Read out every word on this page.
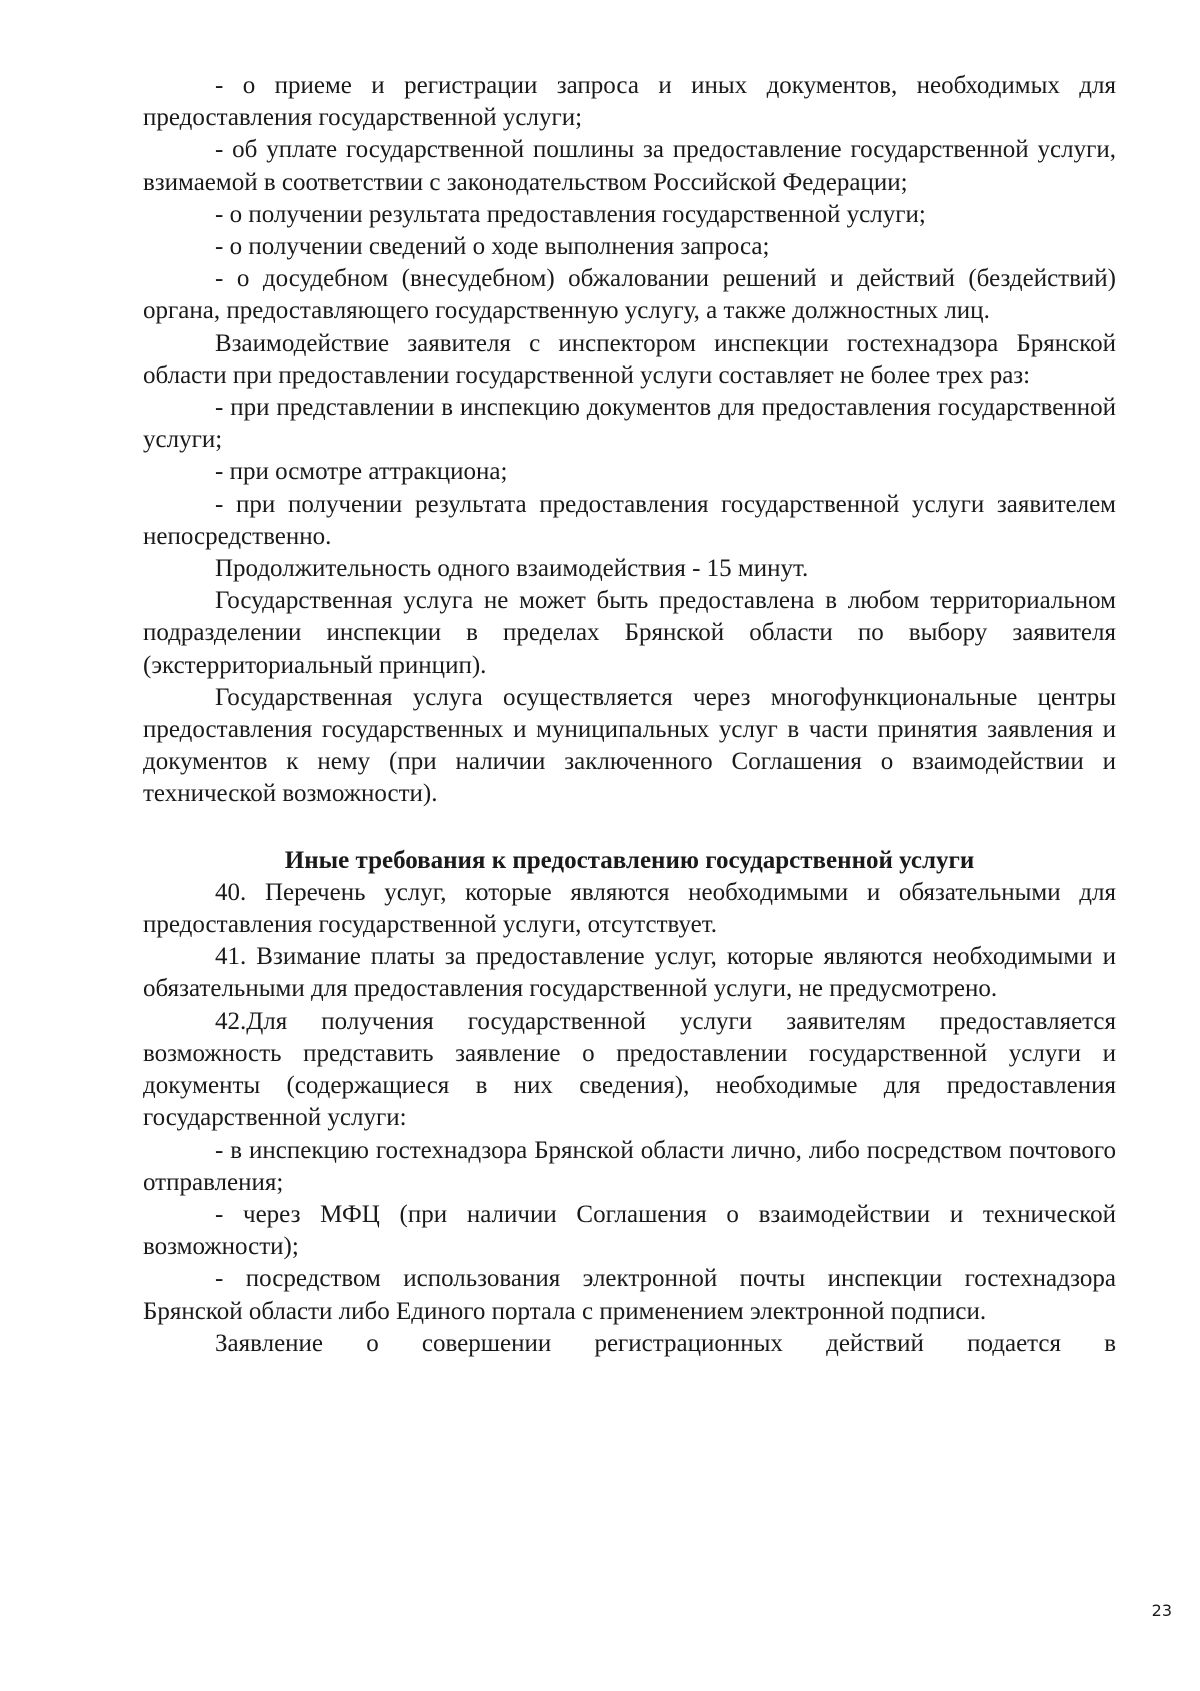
- о приеме и регистрации запроса и иных документов, необходимых для предоставления государственной услуги;

- об уплате государственной пошлины за предоставление государственной услуги, взимаемой в соответствии с законодательством Российской Федерации;

- о получении результата предоставления государственной услуги;

- о получении сведений о ходе выполнения запроса;

- о досудебном (внесудебном) обжаловании решений и действий (бездействий) органа, предоставляющего государственную услугу, а также должностных лиц.

Взаимодействие заявителя с инспектором инспекции гостехнадзора Брянской области при предоставлении государственной услуги составляет не более трех раз:

- при представлении в инспекцию документов для предоставления государственной услуги;

- при осмотре аттракциона;

- при получении результата предоставления государственной услуги заявителем непосредственно.

Продолжительность одного взаимодействия - 15 минут.

Государственная услуга не может быть предоставлена в любом территориальном подразделении инспекции в пределах Брянской области по выбору заявителя (экстерриториальный принцип).

Государственная услуга осуществляется через многофункциональные центры предоставления государственных и муниципальных услуг в части принятия заявления и документов к нему (при наличии заключенного Соглашения о взаимодействии и технической возможности).

Иные требования к предоставлению государственной услуги

40. Перечень услуг, которые являются необходимыми и обязательными для предоставления государственной услуги, отсутствует.

41. Взимание платы за предоставление услуг, которые являются необходимыми и обязательными для предоставления государственной услуги, не предусмотрено.

42.Для получения государственной услуги заявителям предоставляется возможность представить заявление о предоставлении государственной услуги и документы (содержащиеся в них сведения), необходимые для предоставления государственной услуги:

- в инспекцию гостехнадзора Брянской области лично, либо посредством почтового отправления;

- через МФЦ (при наличии Соглашения о взаимодействии и технической возможности);

- посредством использования электронной почты инспекции гостехнадзора Брянской области либо Единого портала с применением электронной подписи.

Заявление о совершении регистрационных действий подается в

23
